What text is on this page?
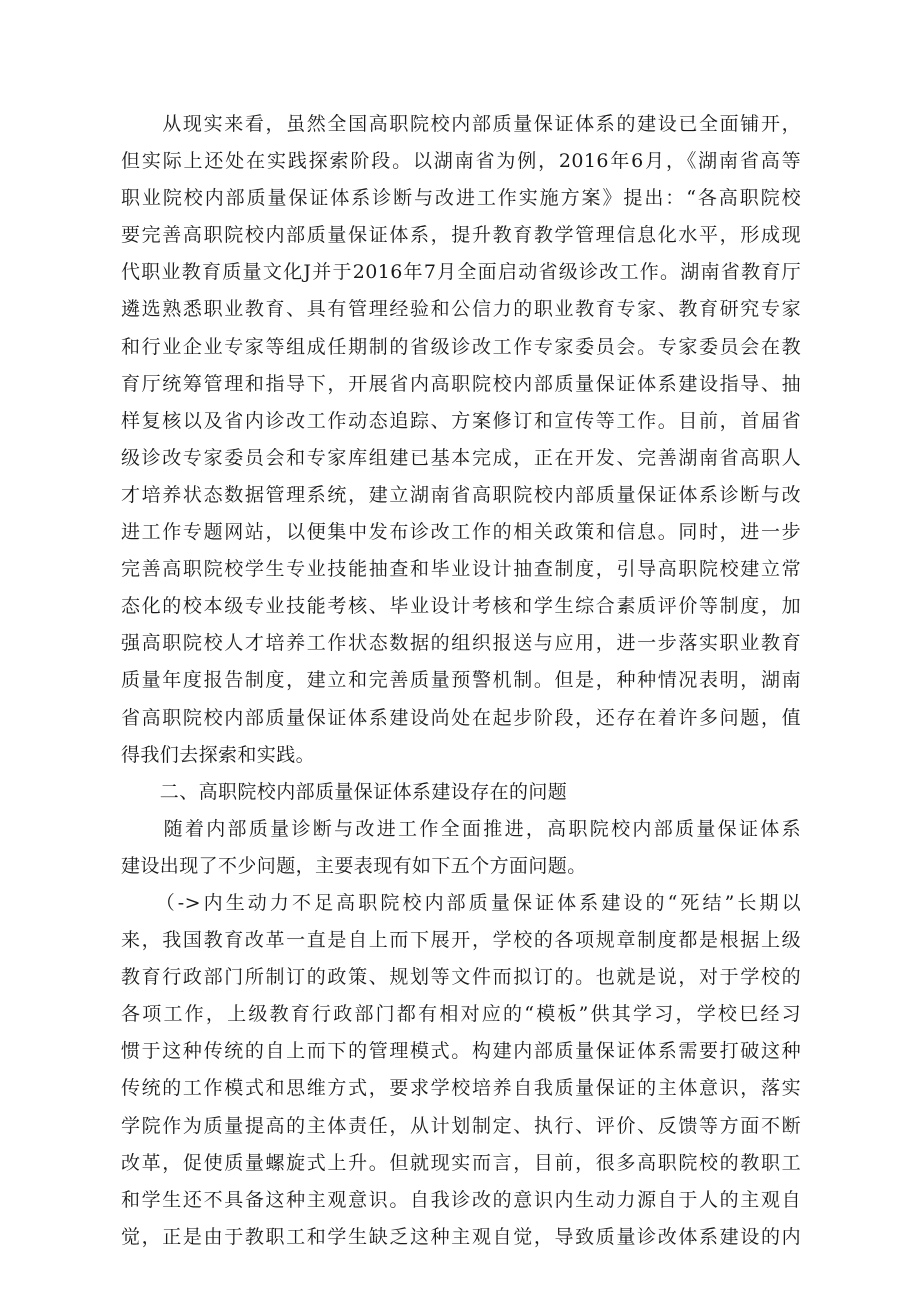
　　从现实来看，虽然全国高职院校内部质量保证体系的建设已全面铺开，
但实际上还处在实践探索阶段。以湖南省为例，2016年6月，《湖南省高等
职业院校内部质量保证体系诊断与改进工作实施方案》提出：“各高职院校
要完善高职院校内部质量保证体系，提升教育教学管理信息化水平，形成现
代职业教育质量文化J并于2016年7月全面启动省级诊改工作。湖南省教育厅
遴选熟悉职业教育、具有管理经验和公信力的职业教育专家、教育研究专家
和行业企业专家等组成任期制的省级诊改工作专家委员会。专家委员会在教
育厅统筹管理和指导下，开展省内高职院校内部质量保证体系建设指导、抽
样复核以及省内诊改工作动态追踪、方案修订和宣传等工作。目前，首届省
级诊改专家委员会和专家库组建已基本完成，正在开发、完善湖南省高职人
才培养状态数据管理系统，建立湖南省高职院校内部质量保证体系诊断与改
进工作专题网站，以便集中发布诊改工作的相关政策和信息。同时，进一步
完善高职院校学生专业技能抽查和毕业设计抽查制度，引导高职院校建立常
态化的校本级专业技能考核、毕业设计考核和学生综合素质评价等制度，加
强高职院校人才培养工作状态数据的组织报送与应用，进一步落实职业教育
质量年度报告制度，建立和完善质量预警机制。但是，种种情况表明，湖南
省高职院校内部质量保证体系建设尚处在起步阶段，还存在着许多问题，值
得我们去探索和实践。
　　二、高职院校内部质量保证体系建设存在的问题
　　随着内部质量诊断与改进工作全面推进，高职院校内部质量保证体系
建设出现了不少问题，主要表现有如下五个方面问题。
　　（->内生动力不足高职院校内部质量保证体系建设的“死结”长期以
来，我国教育改革一直是自上而下展开，学校的各项规章制度都是根据上级
教育行政部门所制订的政策、规划等文件而拟订的。也就是说，对于学校的
各项工作，上级教育行政部门都有相对应的“模板”供其学习，学校巳经习
惯于这种传统的自上而下的管理模式。构建内部质量保证体系需要打破这种
传统的工作模式和思维方式，要求学校培养自我质量保证的主体意识，落实
学院作为质量提高的主体责任，从计划制定、执行、评价、反馈等方面不断
改革，促使质量螺旋式上升。但就现实而言，目前，很多高职院校的教职工
和学生还不具备这种主观意识。自我诊改的意识内生动力源自于人的主观自
觉，正是由于教职工和学生缺乏这种主观自觉，导致质量诊改体系建设的内
